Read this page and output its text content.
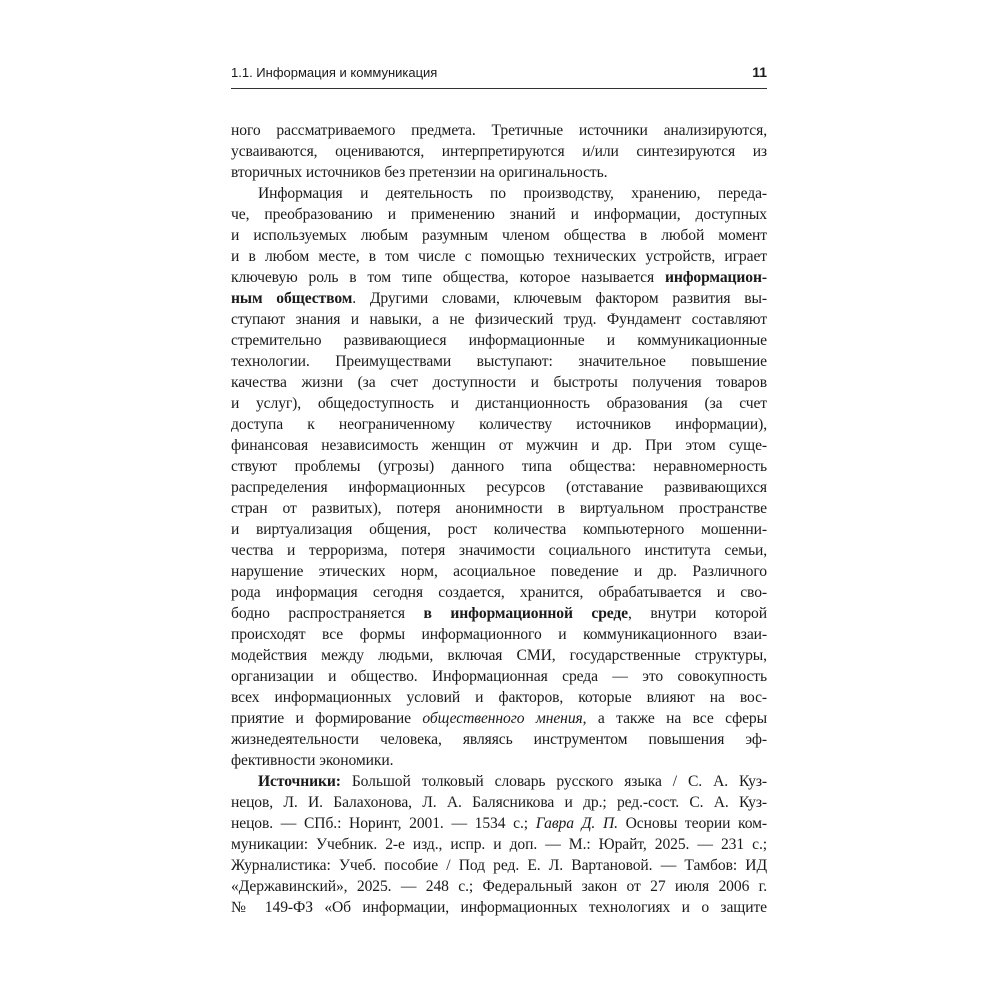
1.1. Информация и коммуникация	11
ного рассматриваемого предмета. Третичные источники анализируются,
усваиваются, оцениваются, интерпретируются и/или синтезируются из
вторичных источников без претензии на оригинальность.
Информация и деятельность по производству, хранению, переда-
че, преобразованию и применению знаний и информации, доступных
и используемых любым разумным членом общества в любой момент
и в любом месте, в том числе с помощью технических устройств, играет
ключевую роль в том типе общества, которое называется информацион-
ным обществом. Другими словами, ключевым фактором развития вы-
ступают знания и навыки, а не физический труд. Фундамент составляют
стремительно развивающиеся информационные и коммуникационные
технологии. Преимуществами выступают: значительное повышение
качества жизни (за счет доступности и быстроты получения товаров
и услуг), общедоступность и дистанционность образования (за счет
доступа к неограниченному количеству источников информации),
финансовая независимость женщин от мужчин и др. При этом суще-
ствуют проблемы (угрозы) данного типа общества: неравномерность
распределения информационных ресурсов (отставание развивающихся
стран от развитых), потеря анонимности в виртуальном пространстве
и виртуализация общения, рост количества компьютерного мошенни-
чества и терроризма, потеря значимости социального института семьи,
нарушение этических норм, асоциальное поведение и др. Различного
рода информация сегодня создается, хранится, обрабатывается и сво-
бодно распространяется в информационной среде, внутри которой
происходят все формы информационного и коммуникационного взаи-
модействия между людьми, включая СМИ, государственные структуры,
организации и общество. Информационная среда — это совокупность
всех информационных условий и факторов, которые влияют на вос-
приятие и формирование общественного мнения, а также на все сферы
жизнедеятельности человека, являясь инструментом повышения эф-
фективности экономики.
Источники: Большой толковый словарь русского языка / С. А. Куз-
нецов, Л. И. Балахонова, Л. А. Балясникова и др.; ред.-сост. С. А. Куз-
нецов. — СПб.: Норинт, 2001. — 1534 с.; Гавра Д. П. Основы теории ком-
муникации: Учебник. 2-е изд., испр. и доп. — М.: Юрайт, 2025. — 231 с.;
Журналистика: Учеб. пособие / Под ред. Е. Л. Вартановой. — Тамбов: ИД
«Державинский», 2025. — 248 с.; Федеральный закон от 27 июля 2006 г.
№ 149-ФЗ «Об информации, информационных технологиях и о защите
